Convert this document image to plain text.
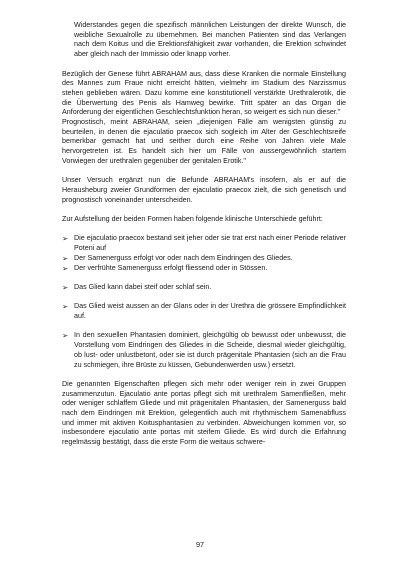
Widerstandes gegen die spezifisch männlichen Leistungen der direkte Wunsch, die weibliche Sexualrolle zu übernehmen. Bei manchen Patienten sind das Verlangen nach dem Koitus und die Erektionsfähigkeit zwar vorhanden, die Erektion schwindet aber gleich nach der Immissio oder knapp vorher.

Bezüglich der Genese führt ABRAHAM aus, dass diese Kranken die normale Einstellung des Mannes zum Fraue nicht erreicht hätten, vielmehr im Stadium des Narzissmus stehen geblieben wären. Dazu komme eine konstitutionell verstärkte Urethralerotik, die die Überwertung des Penis als Hamweg bewirke. Tritt später an das Organ die Anforderung der eigentlichen Geschlechtsfunktion heran, so weigert es sich nun dieser."

Prognostisch, meint ABRAHAM, seien „diejenigen Fälle am wenigsten günstig zu beurteilen, in denen die ejaculatio praecox sich sogleich im Alter der Geschlechtsreife bemerkbar gemacht hat und seither durch eine Reihe von Jahren viele Male hervorgetreten ist. Es handelt sich hier um Fälle von aussergewöhnlich startem Vorwiegen der urethralen gegenüber der genitalen Erotik."

Unser Versuch ergänzt nun die Befunde ABRAHAM's insofern, als er auf die Herausheburg zweier Grundformen der ejaculatio praecox zielt, die sich genetisch und prognostisch voneinander unterscheiden.

Zur Aufstellung der beiden Formen haben folgende klinische Unterschiede geführt:

➢ Die ejaculatio praecox bestand seit jeher oder sie trat erst nach einer Periode relativer Poteni auf
➢ Der Samenerguss erfolgt vor oder nach dem Eindringen des Gliedes.
➢ Der verfrühte Samenerguss erfolgt fliessend oder in Stössen.
➢ Das Glied kann dabei steif oder schlaf sein.
➢ Das Glied weist aussen an der Glans oder in der Urethra die grössere Empfindlichkeit auf.
➢ In den sexuellen Phantasien dominiert, gleichgültig ob bewusst oder unbewusst, die Vorstellung vom Eindringen des Gliedes in die Scheide, diesmal wieder gleichgültig, ob lust- oder unlustbetont, oder sie ist durch prägenitale Phantasien (sich an die Frau zu schmiegen, ihre Brüste zu küssen, Gebundenwerden usw.) ersetzt.

Die genannten Eigenschaften pflegen sich mehr oder weniger rein in zwei Gruppen zusammenzutun. Ejaculatio ante portas pflegt sich mit urethralem Samenfließen, mehr oder weniger schlaffem Gliede und mit prägenitalen Phantasien, der Samenerguss bald nach dem Eindringen mit Erektion, gelegentlich auch mit rhythmischem Samenabfluss und immer mit aktiven Koitusphantasien zu verbinden. Abweichungen kommen vor, so insbesondere ejaculatio ante portas mit steifem Gliede. Es wird durch die Erfahrung regelmässig bestätigt, dass die erste Form die weitaus schwere-

97
